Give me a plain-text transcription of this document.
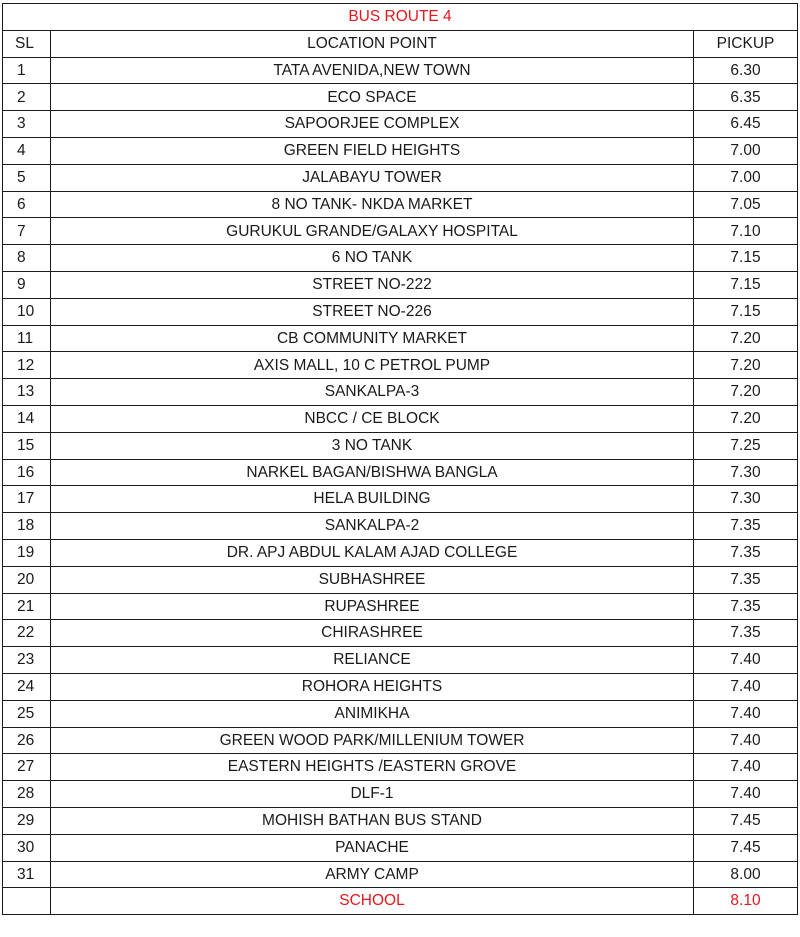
BUS ROUTE 4		
SL	LOCATION POINT	PICKUP
1	TATA AVENIDA,NEW TOWN	6.30
2	ECO SPACE	6.35
3	SAPOORJEE COMPLEX	6.45
4	GREEN FIELD HEIGHTS	7.00
5	JALABAYU TOWER	7.00
6	8 NO TANK- NKDA MARKET	7.05
7	GURUKUL GRANDE/GALAXY HOSPITAL	7.10
8	6 NO TANK	7.15
9	STREET NO-222	7.15
10	STREET NO-226	7.15
11	CB COMMUNITY MARKET	7.20
12	AXIS MALL, 10 C PETROL PUMP	7.20
13	SANKALPA-3	7.20
14	NBCC / CE BLOCK	7.20
15	3 NO TANK	7.25
16	NARKEL BAGAN/BISHWA BANGLA	7.30
17	HELA BUILDING	7.30
18	SANKALPA-2	7.35
19	DR. APJ ABDUL KALAM AJAD COLLEGE	7.35
20	SUBHASHREE	7.35
21	RUPASHREE	7.35
22	CHIRASHREE	7.35
23	RELIANCE	7.40
24	ROHORA HEIGHTS	7.40
25	ANIMIKHA	7.40
26	GREEN WOOD PARK/MILLENIUM TOWER	7.40
27	EASTERN HEIGHTS /EASTERN GROVE	7.40
28	DLF-1	7.40
29	MOHISH BATHAN BUS STAND	7.45
30	PANACHE	7.45
31	ARMY CAMP	8.00
	SCHOOL	8.10
